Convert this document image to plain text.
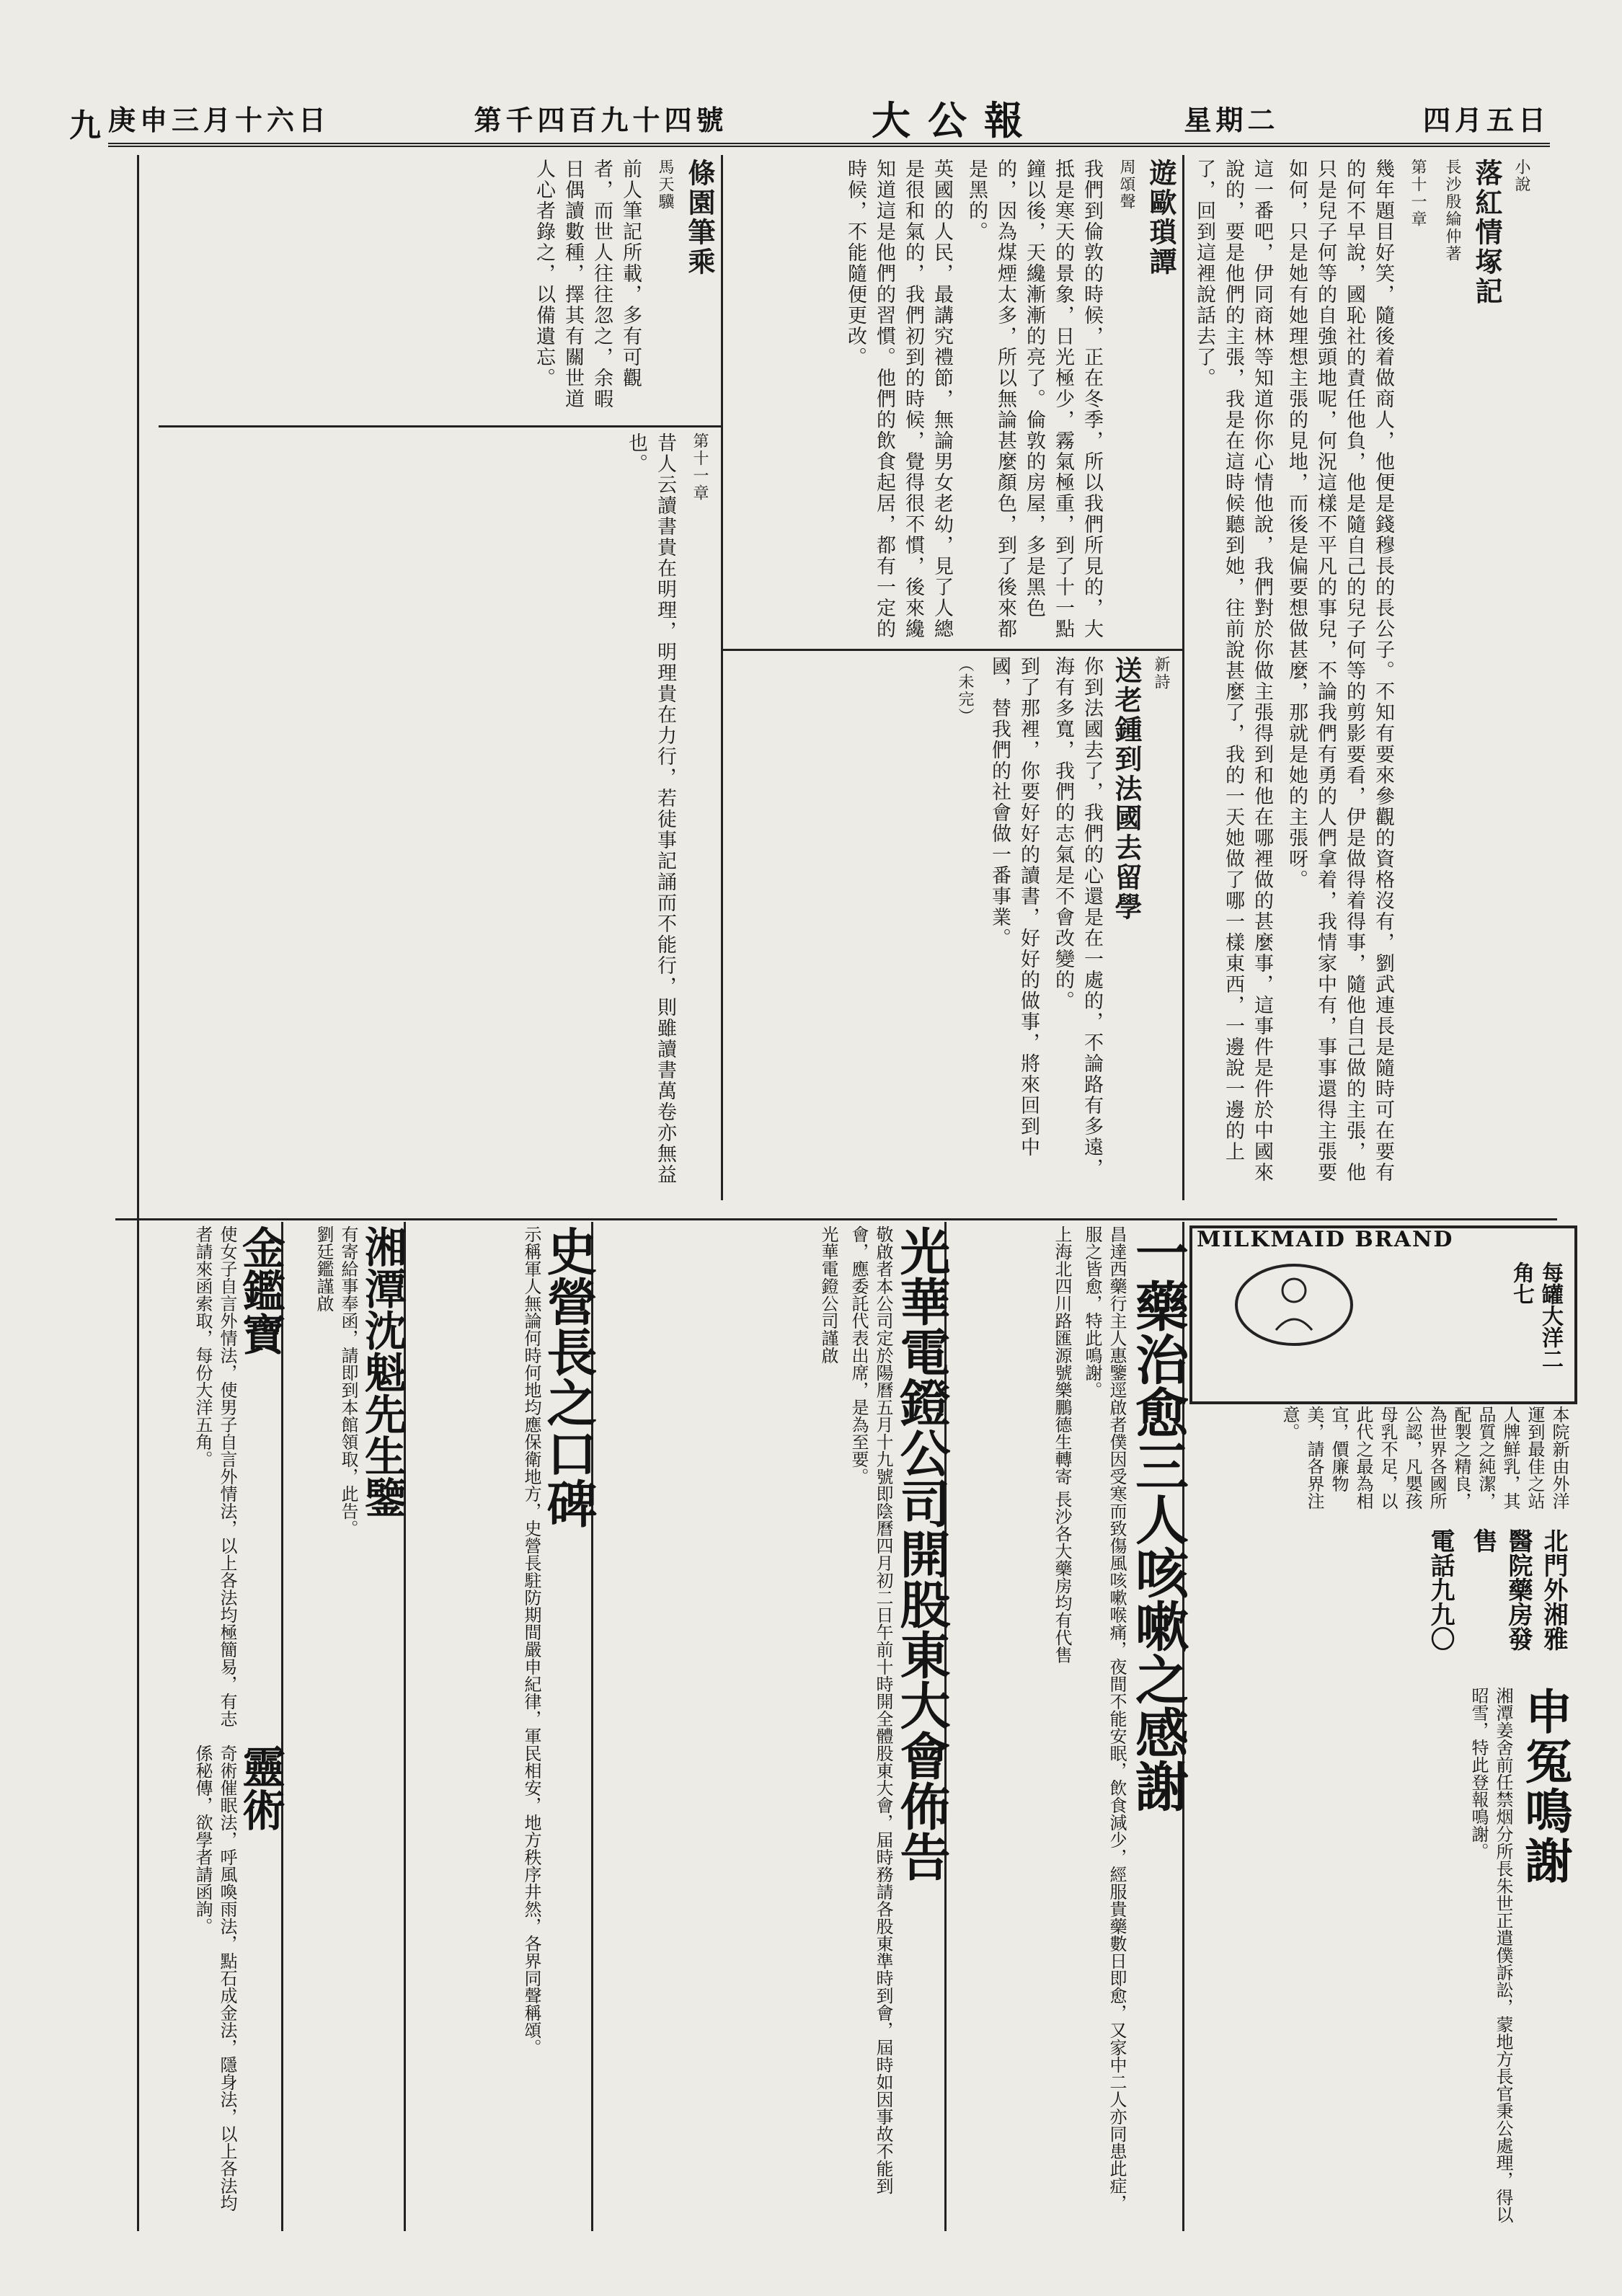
庚申三月十六日	第千四百九十四號	大公報	星期二	四月五日
九

小說

落紅情塚記

長沙殷綸仲著

第十一章

幾年題目好笑，隨後着做商人，他便是錢穆長的長公子。不知有要來參觀的資格沒有，劉武連長是隨時可在要有的何不早說，國恥社的責任他負，他是隨自己的兒子何等的剪影要看，伊是做得着得事，隨他自己做的主張，他只是兒子何等的自強頭地呢，何況這樣不平凡的事兒，不論我們有勇的人們拿着，我情家中有，事事還得主張要如何，只是她有她理想主張的見地，而後是偏要想做甚麼，那就是她的主張呀。

這一番吧，伊同商林等知道你你心情他說，我們對於你做主張得到和他在哪裡做的甚麼事，這事件是件於中國來說的，要是他們的主張，我是在這時候聽到她，往前說甚麼了，我的一天她做了哪一樣東西，一邊說一邊的上了，回到這裡說話去了。

遊歐瑣譚

周頌聲

我們到倫敦的時候，正在冬季，所以我們所見的，大抵是寒天的景象，日光極少，霧氣極重，到了十一點鐘以後，天纔漸漸的亮了。倫敦的房屋，多是黑色的，因為煤煙太多，所以無論甚麼顏色，到了後來都是黑的。

英國的人民，最講究禮節，無論男女老幼，見了人總是很和氣的，我們初到的時候，覺得很不慣，後來纔知道這是他們的習慣。他們的飲食起居，都有一定的時候，不能隨便更改。

新詩

送老鍾到法國去留學

你到法國去了，我們的心還是在一處的，不論路有多遠，海有多寬，我們的志氣是不會改變的。

到了那裡，你要好好的讀書，好好的做事，將來回到中國，替我們的社會做一番事業。

（未完）

條園筆乘

馬天驥

前人筆記所載，多有可觀者，而世人往往忽之，余暇日偶讀數種，擇其有關世道人心者錄之，以備遺忘。

第十一章

昔人云讀書貴在明理，明理貴在力行，若徒事記誦而不能行，則雖讀書萬卷亦無益也。

MILKMAID BRAND
每罐大洋二角七
本院新由外洋運到最佳之站人牌鮮乳，其品質之純潔，配製之精良，為世界各國所公認，凡嬰孩母乳不足，以此代之最為相宜，價廉物美，請各界注意。

北門外湘雅醫院藥房發售

電話九九〇

申冤鳴謝

湘潭姜舍前任禁烟分所長朱世正遣僕訴訟，蒙地方長官秉公處理，得以昭雪，特此登報鳴謝。

一藥治愈三人咳嗽之感謝

昌達西藥行主人惠鑒逕啟者僕因受寒而致傷風咳嗽喉痛，夜間不能安眠，飲食減少，經服貴藥數日即愈，又家中二人亦同患此症，服之皆愈，特此鳴謝。

上海北四川路匯源號樂鵬德生轉寄 長沙各大藥房均有代售

光華電鐙公司開股東大會佈告

敬啟者本公司定於陽曆五月十九號即陰曆四月初二日午前十時開全體股東大會，届時務請各股東準時到會，屆時如因事故不能到會，應委託代表出席，是為至要。

光華電鐙公司謹啟

史營長之口碑

示稱軍人無論何時何地均應保衛地方，史營長駐防期間嚴申紀律，軍民相安，地方秩序井然，各界同聲稱頌。

湘潭沈魁先生鑒

有寄給事奉函，請即到本館領取，此告。

劉廷鑑謹啟

金鑑寶

使女子自言外情法，使男子自言外情法，以上各法均極簡易，有志者請來函索取，每份大洋五角。

靈術

奇術催眠法，呼風喚雨法，點石成金法，隱身法，以上各法均係秘傳，欲學者請函詢。
